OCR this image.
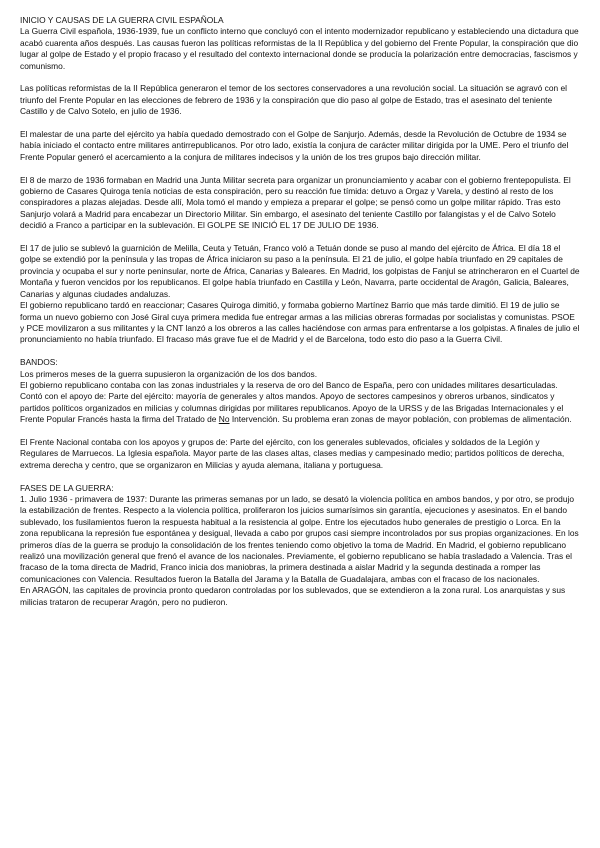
INICIO Y CAUSAS DE LA GUERRA CIVIL ESPAÑOLA

La Guerra Civil española, 1936-1939, fue un conflicto interno que concluyó con el intento modernizador republicano y estableciendo una dictadura que acabó cuarenta años después. Las causas fueron las políticas reformistas de la II República y del gobierno del Frente Popular, la conspiración que dio lugar al golpe de Estado y el propio fracaso y el resultado del contexto internacional donde se producía la polarización entre democracias, fascismos y comunismo.

Las políticas reformistas de la II República generaron el temor de los sectores conservadores a una revolución social. La situación se agravó con el triunfo del Frente Popular en las elecciones de febrero de 1936 y la conspiración que dio paso al golpe de Estado, tras el asesinato del teniente Castillo y de Calvo Sotelo, en julio de 1936.

El malestar de una parte del ejército ya había quedado demostrado con el Golpe de Sanjurjo. Además, desde la Revolución de Octubre de 1934 se había iniciado el contacto entre militares antirrepublicanos. Por otro lado, existía la conjura de carácter militar dirigida por la UME. Pero el triunfo del Frente Popular generó el acercamiento a la conjura de militares indecisos y la unión de los tres grupos bajo dirección militar.

El 8 de marzo de 1936 formaban en Madrid una Junta Militar secreta para organizar un pronunciamiento y acabar con el gobierno frentepopulista. El gobierno de Casares Quiroga tenía noticias de esta conspiración, pero su reacción fue tímida: detuvo a Orgaz y Varela, y destinó al resto de los conspiradores a plazas alejadas. Desde allí, Mola tomó el mando y empieza a preparar el golpe; se pensó como un golpe militar rápido. Tras esto Sanjurjo volará a Madrid para encabezar un Directorio Militar. Sin embargo, el asesinato del teniente Castillo por falangistas y el de Calvo Sotelo decidió a Franco a participar en la sublevación. El GOLPE SE INICIÓ EL 17 DE JULIO DE 1936.

El 17 de julio se sublevó la guarnición de Melilla, Ceuta y Tetuán, Franco voló a Tetuán donde se puso al mando del ejército de África. El día 18 el golpe se extendió por la península y las tropas de África iniciaron su paso a la península. El 21 de julio, el golpe había triunfado en 29 capitales de provincia y ocupaba el sur y norte peninsular, norte de África, Canarias y Baleares. En Madrid, los golpistas de Fanjul se atrincheraron en el Cuartel de Montaña y fueron vencidos por los republicanos. El golpe había triunfado en Castilla y León, Navarra, parte occidental de Aragón, Galicia, Baleares, Canarias y algunas ciudades andaluzas.

El gobierno republicano tardó en reaccionar; Casares Quiroga dimitió, y formaba gobierno Martínez Barrio que más tarde dimitió. El 19 de julio se forma un nuevo gobierno con José Giral cuya primera medida fue entregar armas a las milicias obreras formadas por socialistas y comunistas. PSOE y PCE movilizaron a sus militantes y la CNT lanzó a los obreros a las calles haciéndose con armas para enfrentarse a los golpistas. A finales de julio el pronunciamiento no había triunfado. El fracaso más grave fue el de Madrid y el de Barcelona, todo esto dio paso a la Guerra Civil.

BANDOS:

Los primeros meses de la guerra supusieron la organización de los dos bandos.

El gobierno republicano contaba con las zonas industriales y la reserva de oro del Banco de España, pero con unidades militares desarticuladas. Contó con el apoyo de: Parte del ejército: mayoría de generales y altos mandos. Apoyo de sectores campesinos y obreros urbanos, sindicatos y partidos políticos organizados en milicias y columnas dirigidas por militares republicanos. Apoyo de la URSS y de las Brigadas Internacionales y el Frente Popular Francés hasta la firma del Tratado de No Intervención. Su problema eran zonas de mayor población, con problemas de alimentación.

El Frente Nacional contaba con los apoyos y grupos de: Parte del ejército, con los generales sublevados, oficiales y soldados de la Legión y Regulares de Marruecos. La Iglesia española. Mayor parte de las clases altas, clases medias y campesinado medio; partidos políticos de derecha, extrema derecha y centro, que se organizaron en Milicias y ayuda alemana, italiana y portuguesa.

FASES DE LA GUERRA:

1. Julio 1936 - primavera de 1937: Durante las primeras semanas por un lado, se desató la violencia política en ambos bandos, y por otro, se produjo la estabilización de frentes. Respecto a la violencia política, proliferaron los juicios sumarísimos sin garantía, ejecuciones y asesinatos. En el bando sublevado, los fusilamientos fueron la respuesta habitual a la resistencia al golpe. Entre los ejecutados hubo generales de prestigio o Lorca. En la zona republicana la represión fue espontánea y desigual, llevada a cabo por grupos casi siempre incontrolados por sus propias organizaciones. En los primeros días de la guerra se produjo la consolidación de los frentes teniendo como objetivo la toma de Madrid. En Madrid, el gobierno republicano realizó una movilización general que frenó el avance de los nacionales. Previamente, el gobierno republicano se había trasladado a Valencia. Tras el fracaso de la toma directa de Madrid, Franco inicia dos maniobras, la primera destinada a aislar Madrid y la segunda destinada a romper las comunicaciones con Valencia. Resultados fueron la Batalla del Jarama y la Batalla de Guadalajara, ambas con el fracaso de los nacionales.

En ARAGÓN, las capitales de provincia pronto quedaron controladas por los sublevados, que se extendieron a la zona rural. Los anarquistas y sus milicias trataron de recuperar Aragón, pero no pudieron.
